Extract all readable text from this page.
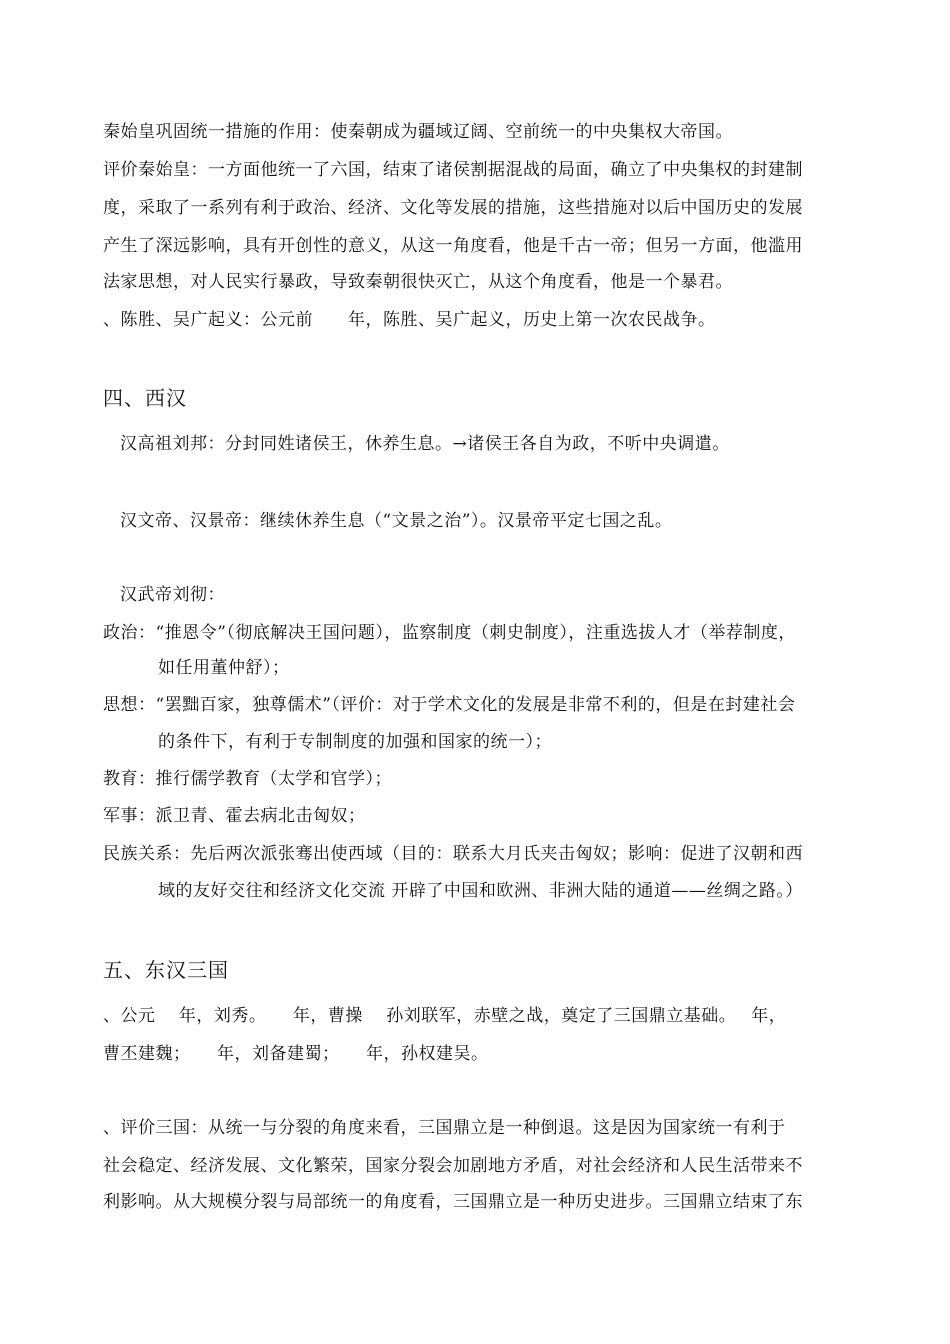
秦始皇巩固统一措施的作用：使秦朝成为疆域辽阔、空前统一的中央集权大帝国。
评价秦始皇：一方面他统一了六国，结束了诸侯割据混战的局面，确立了中央集权的封建制
度，采取了一系列有利于政治、经济、文化等发展的措施，这些措施对以后中国历史的发展
产生了深远影响，具有开创性的意义，从这一角度看，他是千古一帝；但另一方面，他滥用
法家思想，对人民实行暴政，导致秦朝很快灭亡，从这个角度看，他是一个暴君。
、陈胜、吴广起义：公元前　　年，陈胜、吴广起义，历史上第一次农民战争。
四、西汉
汉高祖刘邦：分封同姓诸侯王，休养生息。→诸侯王各自为政，不听中央调遣。
汉文帝、汉景帝：继续休养生息（“文景之治”）。汉景帝平定七国之乱。
汉武帝刘彻：
政治：“推恩令”（彻底解决王国问题），监察制度（刺史制度），注重选拔人才（举荐制度，
如任用董仲舒）；
思想：“罢黜百家，独尊儒术”（评价：对于学术文化的发展是非常不利的，但是在封建社会
的条件下，有利于专制制度的加强和国家的统一）；
教育：推行儒学教育（太学和官学）；
军事：派卫青、霍去病北击匈奴；
民族关系：先后两次派张骞出使西域（目的：联系大月氏夹击匈奴；影响：促进了汉朝和西
域的友好交往和经济文化交流 开辟了中国和欧洲、非洲大陆的通道——丝绸之路。）
五、东汉三国
、公元　 年，刘秀。　　年，曹操　 孙刘联军，赤壁之战，奠定了三国鼎立基础。　 年，
曹丕建魏；　　年，刘备建蜀；　　年，孙权建吴。
、评价三国：从统一与分裂的角度来看，三国鼎立是一种倒退。这是因为国家统一有利于
社会稳定、经济发展、文化繁荣，国家分裂会加剧地方矛盾，对社会经济和人民生活带来不
利影响。从大规模分裂与局部统一的角度看，三国鼎立是一种历史进步。三国鼎立结束了东
